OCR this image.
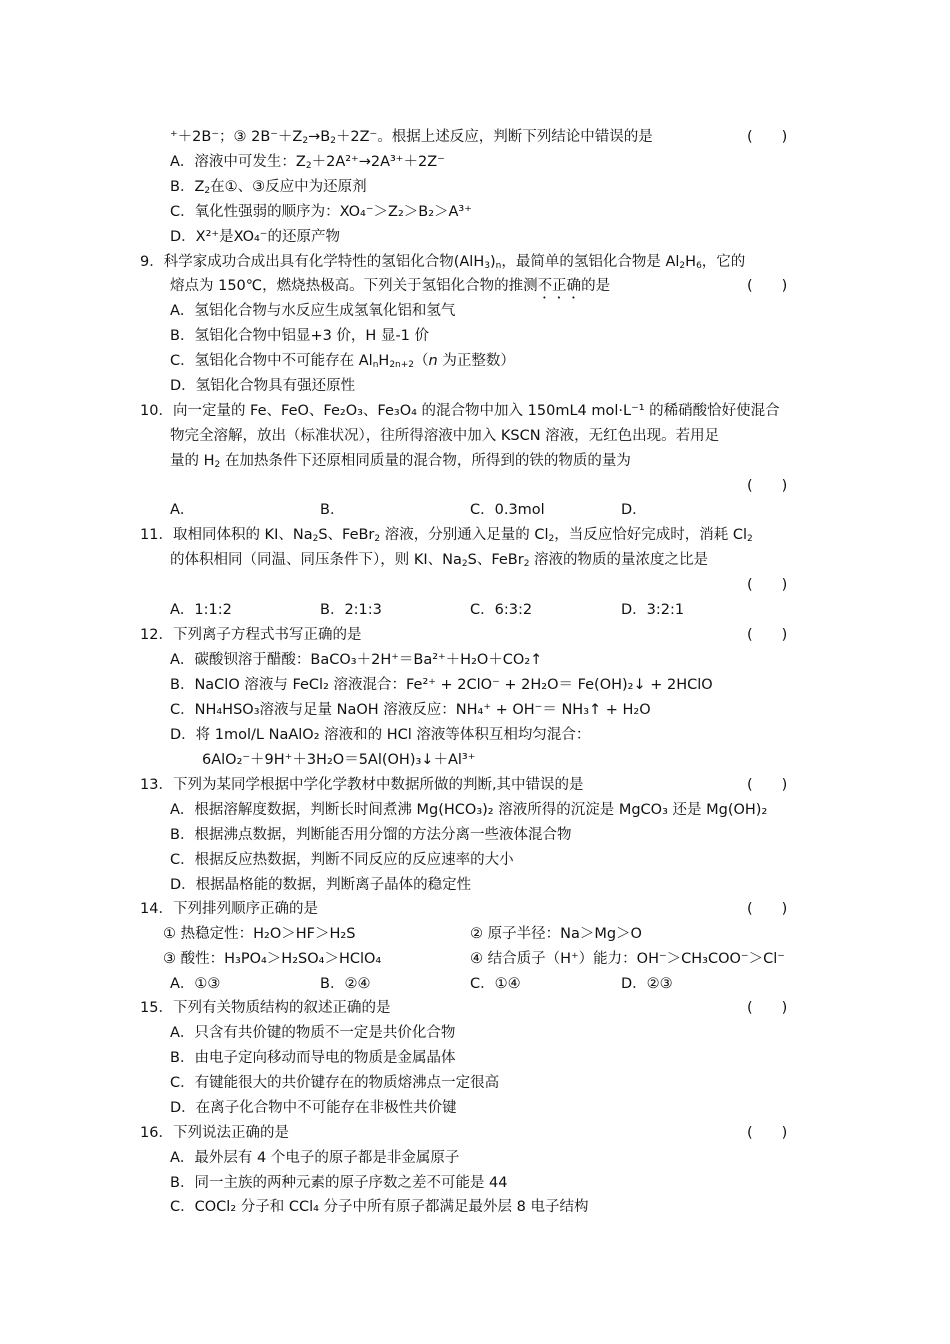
⁺＋2B⁻；③ $2B^-+Z_2\to B_2+2Z^-$。根据上述反应，判断下列结论中错误的是	(　　)
A．溶液中可发生：$Z_2+2A^{2+}\to 2A^{3+}+2Z^-$
B．$Z_2$在①、③反应中为还原剂
C．氧化性强弱的顺序为：XO₄⁻＞Z₂＞B₂＞A³⁺
D．X²⁺是XO₄⁻的还原产物
9．科学家成功合成出具有化学特性的氢铝化合物$(AlH_3)_n$，最简单的氢铝化合物是 $Al_2H_6$，它的
熔点为 150℃，燃烧热极高。下列关于氢铝化合物的推测不正确的是	(　　)
A．氢铝化合物与水反应生成氢氧化铝和氢气
B．氢铝化合物中铝显+3 价，H 显-1 价
C．氢铝化合物中不可能存在 $Al_nH_{2n+2}(n$ 为正整数）
D．氢铝化合物具有强还原性
10．向一定量的 Fe、FeO、Fe₂O₃、Fe₃O₄ 的混合物中加入 150mL4 mol·L⁻¹ 的稀硝酸恰好使混合
物完全溶解，放出（标准状况），往所得溶液中加入 KSCN 溶液，无红色出现。若用足
量的 $H_2$ 在加热条件下还原相同质量的混合物，所得到的铁的物质的量为
(　　)
A．	B．	C．0.3mol	D．
11．取相同体积的 KI、$Na_2S$、FeBr$_2$ 溶液，分别通入足量的 $Cl_2$，当反应恰好完成时，消耗 $Cl_2$
的体积相同（同温、同压条件下），则 KI、$Na_2S$、FeBr$_2$ 溶液的物质的量浓度之比是
(　　)
A．1:1:2	B．2:1:3	C．6:3:2	D．3:2:1
12．下列离子方程式书写正确的是	(　　)
A．碳酸钡溶于醋酸：BaCO₃＋2H⁺＝Ba²⁺＋H₂O＋CO₂↑
B．NaClO 溶液与 FeCl₂ 溶液混合：Fe²⁺ + 2ClO⁻ + 2H₂O＝ Fe(OH)₂↓ + 2HClO
C．NH₄HSO₃溶液与足量 NaOH 溶液反应：NH₄⁺ + OH⁻＝ NH₃↑ + H₂O
D．将 1mol/L NaAlO₂ 溶液和的 HCl 溶液等体积互相均匀混合：
6AlO₂⁻＋9H⁺＋3H₂O＝5Al(OH)₃↓＋Al³⁺
13．下列为某同学根据中学化学教材中数据所做的判断,其中错误的是	(　　)
A．根据溶解度数据，判断长时间煮沸 Mg(HCO₃)₂ 溶液所得的沉淀是 MgCO₃ 还是 Mg(OH)₂
B．根据沸点数据，判断能否用分馏的方法分离一些液体混合物
C．根据反应热数据，判断不同反应的反应速率的大小
D．根据晶格能的数据，判断离子晶体的稳定性
14．下列排列顺序正确的是	(　　)
① 热稳定性：H₂O＞HF＞H₂S	② 原子半径：Na＞Mg＞O
③ 酸性：H₃PO₄＞H₂SO₄＞HClO₄	④ 结合质子（H⁺）能力：OH⁻＞CH₃COO⁻＞Cl⁻
A．①③	B．②④	C．①④	D．②③
15．下列有关物质结构的叙述正确的是	(　　)
A．只含有共价键的物质不一定是共价化合物
B．由电子定向移动而导电的物质是金属晶体
C．有键能很大的共价键存在的物质熔沸点一定很高
D．在离子化合物中不可能存在非极性共价键
16．下列说法正确的是	(　　)
A．最外层有 4 个电子的原子都是非金属原子
B．同一主族的两种元素的原子序数之差不可能是 44
C．COCl₂ 分子和 CCl₄ 分子中所有原子都满足最外层 8 电子结构
